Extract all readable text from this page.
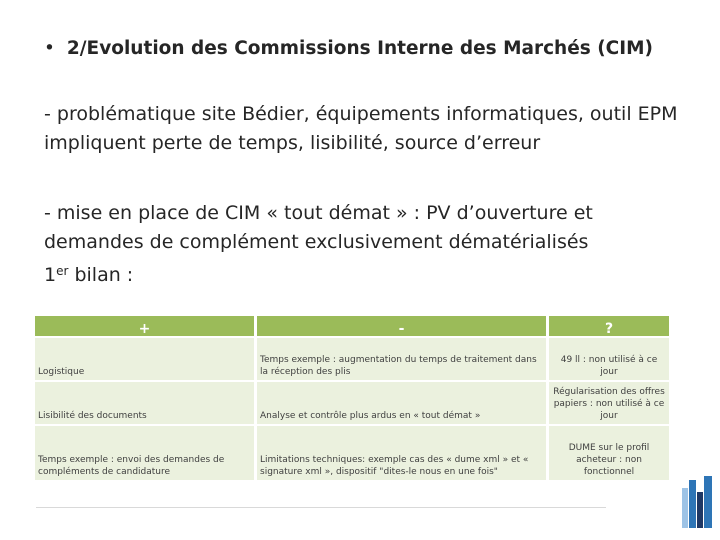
• 2/Evolution des Commissions Interne des Marchés (CIM)
- problématique site Bédier, équipements informatiques, outil EPM impliquent perte de temps, lisibilité, source d’erreur
- mise en place de CIM « tout démat » : PV d’ouverture et demandes de complément exclusivement dématérialisés
1er bilan :
+	-	?
Logistique	Temps exemple : augmentation du temps de traitement dans la réception des plis	49 ll : non utilisé à ce jour
Lisibilité des documents	Analyse et contrôle plus ardus en « tout démat »	Régularisation des offres papiers : non utilisé à ce jour
Temps exemple : envoi des demandes de compléments de candidature	Limitations techniques: exemple cas des « dume xml » et « signature xml », dispositif "dites-le nous en une fois"	DUME sur le profil acheteur : non fonctionnel
